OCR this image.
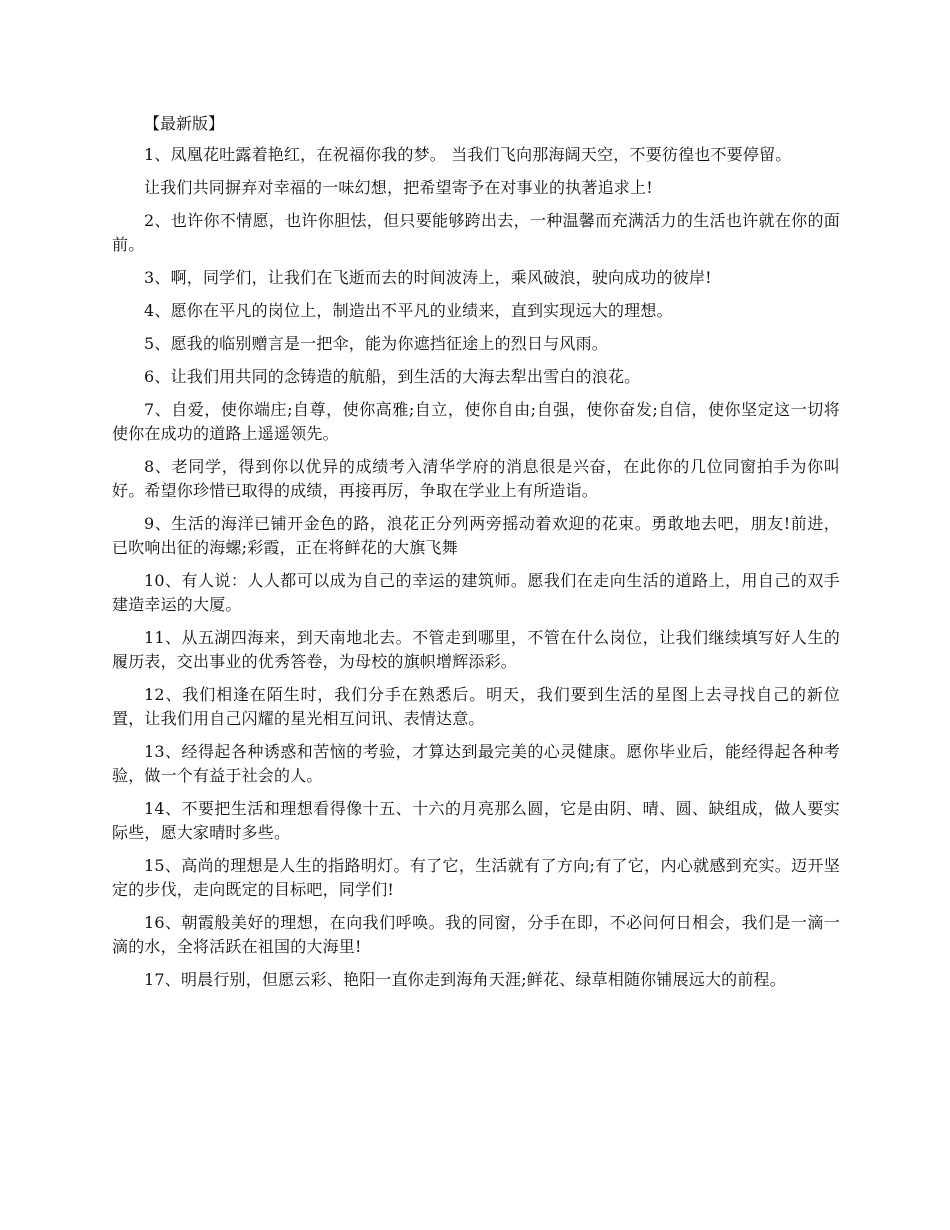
【最新版】

1、凤凰花吐露着艳红，在祝福你我的梦。 当我们飞向那海阔天空，不要彷徨也不要停留。

让我们共同摒弃对幸福的一味幻想，把希望寄予在对事业的执著追求上!

2、也许你不情愿，也许你胆怯，但只要能够跨出去，一种温馨而充满活力的生活也许就在你的面前。

3、啊，同学们，让我们在飞逝而去的时间波涛上，乘风破浪，驶向成功的彼岸!

4、愿你在平凡的岗位上，制造出不平凡的业绩来，直到实现远大的理想。

5、愿我的临别赠言是一把伞，能为你遮挡征途上的烈日与风雨。

6、让我们用共同的念铸造的航船，到生活的大海去犁出雪白的浪花。

7、自爱，使你端庄;自尊，使你高雅;自立，使你自由;自强，使你奋发;自信，使你坚定这一切将使你在成功的道路上遥遥领先。

8、老同学，得到你以优异的成绩考入清华学府的消息很是兴奋，在此你的几位同窗拍手为你叫好。希望你珍惜已取得的成绩，再接再厉，争取在学业上有所造诣。

9、生活的海洋已铺开金色的路，浪花正分列两旁摇动着欢迎的花束。勇敢地去吧，朋友!前进，已吹响出征的海螺;彩霞，正在将鲜花的大旗飞舞

10、有人说：人人都可以成为自己的幸运的建筑师。愿我们在走向生活的道路上，用自己的双手建造幸运的大厦。

11、从五湖四海来，到天南地北去。不管走到哪里，不管在什么岗位，让我们继续填写好人生的履历表，交出事业的优秀答卷，为母校的旗帜增辉添彩。

12、我们相逢在陌生时，我们分手在熟悉后。明天，我们要到生活的星图上去寻找自己的新位置，让我们用自己闪耀的星光相互问讯、表情达意。

13、经得起各种诱惑和苦恼的考验，才算达到最完美的心灵健康。愿你毕业后，能经得起各种考验，做一个有益于社会的人。

14、不要把生活和理想看得像十五、十六的月亮那么圆，它是由阴、晴、圆、缺组成，做人要实际些，愿大家晴时多些。

15、高尚的理想是人生的指路明灯。有了它，生活就有了方向;有了它，内心就感到充实。迈开坚定的步伐，走向既定的目标吧，同学们!

16、朝霞般美好的理想，在向我们呼唤。我的同窗，分手在即，不必问何日相会，我们是一滴一滴的水，全将活跃在祖国的大海里!

17、明晨行别，但愿云彩、艳阳一直你走到海角天涯;鲜花、绿草相随你铺展远大的前程。
